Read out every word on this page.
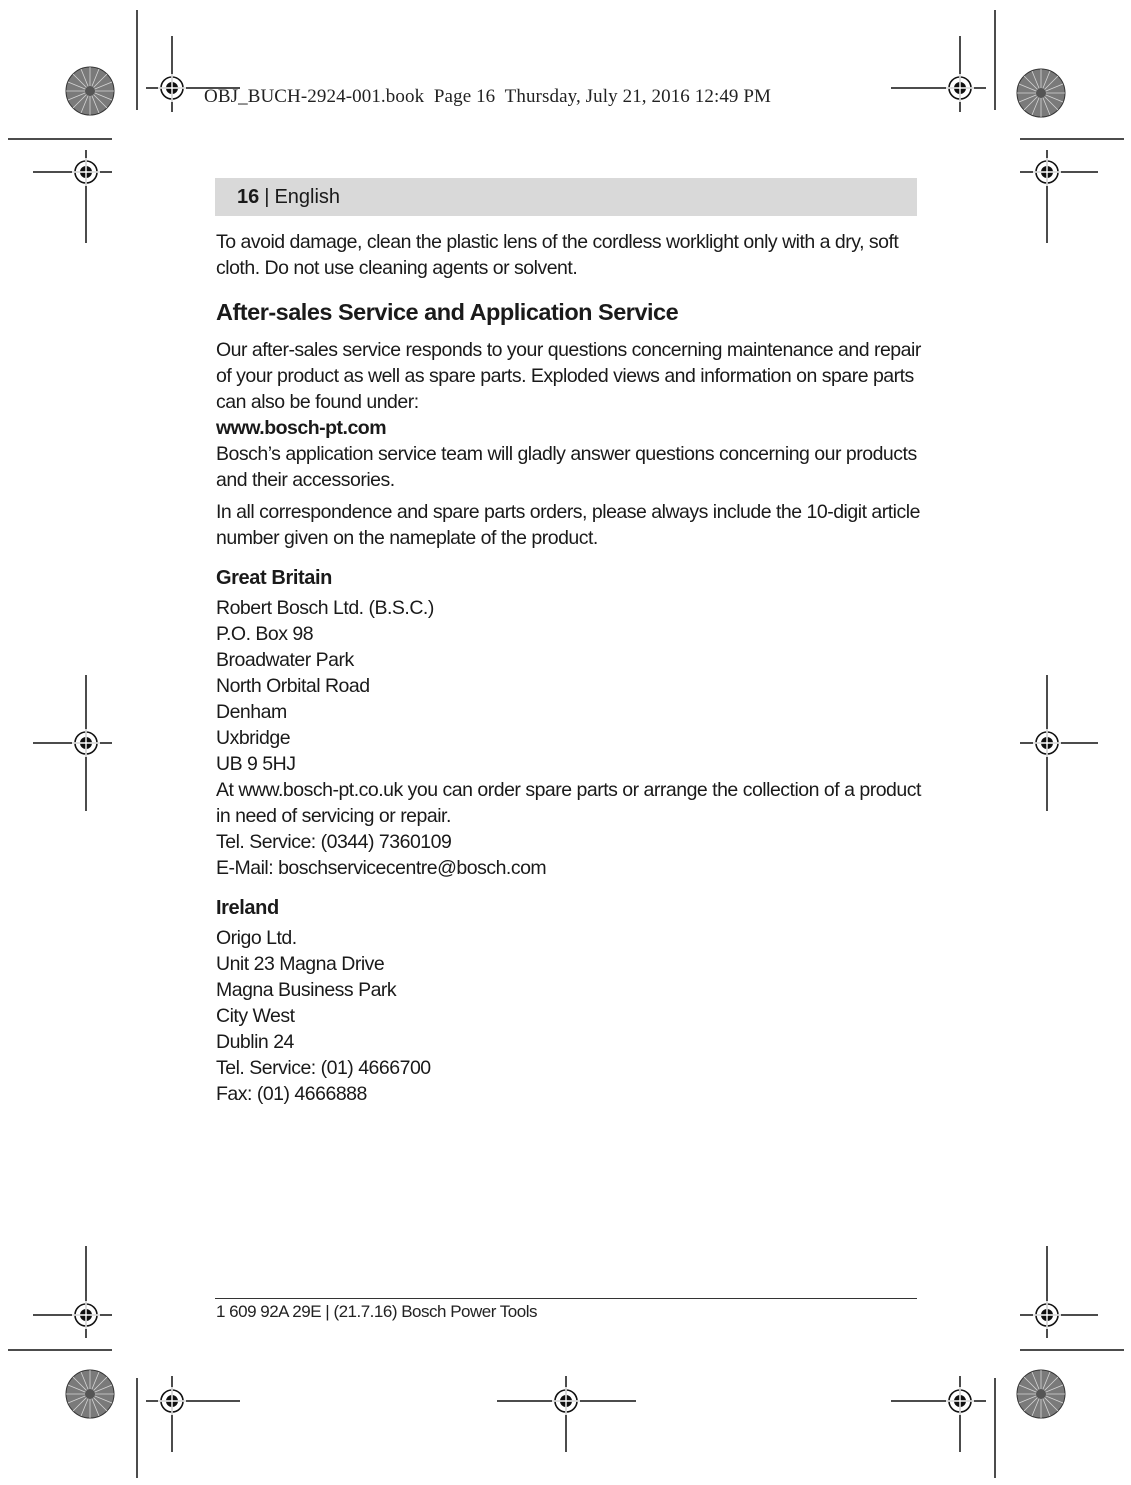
OBJ_BUCH-2924-001.book Page 16 Thursday, July 21, 2016 12:49 PM

16 | English

To avoid damage, clean the plastic lens of the cordless worklight only with a dry, soft cloth. Do not use cleaning agents or solvent.

After-sales Service and Application Service

Our after-sales service responds to your questions concerning maintenance and repair of your product as well as spare parts. Exploded views and information on spare parts can also be found under:

www.bosch-pt.com

Bosch’s application service team will gladly answer questions concerning our products and their accessories.

In all correspondence and spare parts orders, please always include the 10-digit article number given on the nameplate of the product.

Great Britain
Robert Bosch Ltd. (B.S.C.)
P.O. Box 98
Broadwater Park
North Orbital Road
Denham
Uxbridge
UB 9 5HJ

At www.bosch-pt.co.uk you can order spare parts or arrange the collection of a product in need of servicing or repair.

Tel. Service: (0344) 7360109

E-Mail: boschservicecentre@bosch.com

Ireland
Origo Ltd.
Unit 23 Magna Drive
Magna Business Park
City West
Dublin 24
Tel. Service: (01) 4666700
Fax: (01) 4666888
1 609 92A 29E | (21.7.16) Bosch Power Tools
